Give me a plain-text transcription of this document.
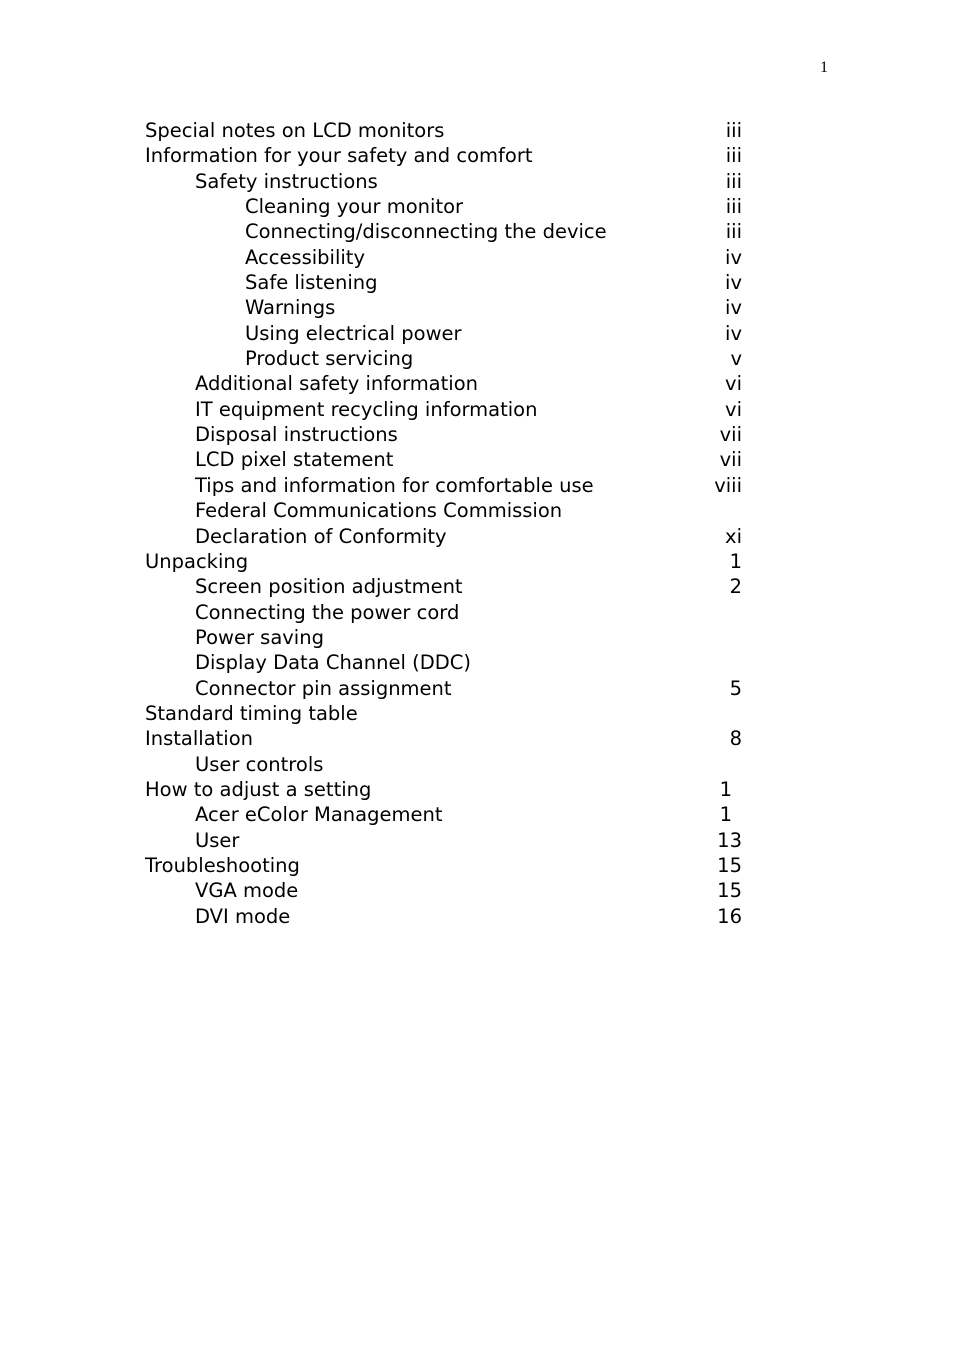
1
Special notes on LCD monitors	iii
Information for your safety and comfort	iii
Safety instructions	iii
Cleaning your monitor	iii
Connecting/disconnecting the device	iii
Accessibility	iv
Safe listening	iv
Warnings	iv
Using electrical power	iv
Product servicing	v
Additional safety information	vi
IT equipment recycling information	vi
Disposal instructions	vii
LCD pixel statement	vii
Tips and information for comfortable use	viii
Federal Communications Commission
Declaration of Conformity	xi
Unpacking	1
Screen position adjustment	2
Connecting the power cord
Power saving
Display Data Channel (DDC)
Connector pin assignment	5
Standard timing table
Installation	8
User controls
How to adjust a setting	1
Acer eColor Management	1
User	13
Troubleshooting	15
VGA mode	15
DVI mode	16
